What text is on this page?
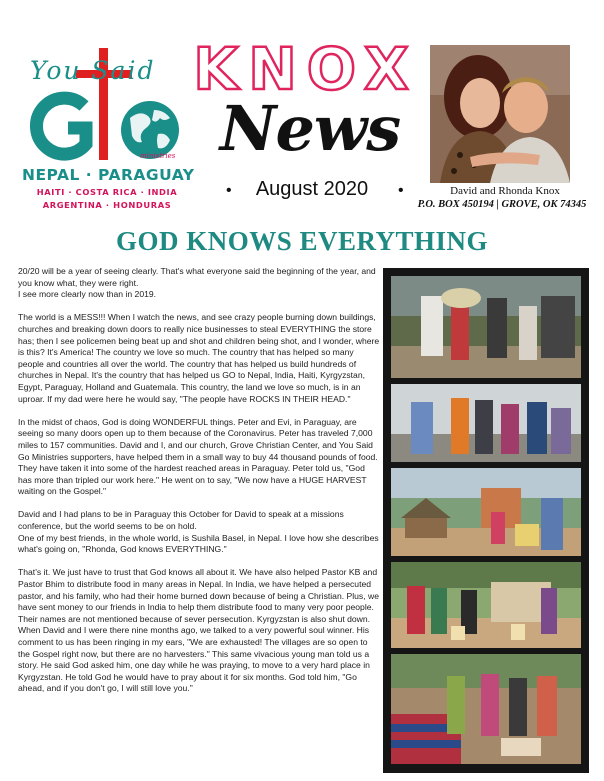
You Said
ministries
NEPAL · PARAGUAY
HAITI · COSTA RICA · INDIA
ARGENTINA · HONDURAS
KNOX
News
•	August 2020	•	David and Rhonda Knox
P.O. BOX 450194 | GROVE, OK 74345
GOD KNOWS EVERYTHING

20/20 will be a year of seeing clearly. That's what everyone said the beginning of the year, and you know what, they were right.
I see more clearly now than in 2019.

The world is a MESS!!! When I watch the news, and see crazy people burning down buildings, churches and breaking down doors to really nice businesses to steal EVERYTHING the store has; then I see policemen being beat up and shot and children being shot, and I wonder, where is this? It's America! The country we love so much. The country that has helped so many people and countries all over the world. The country that has helped us build hundreds of churches in Nepal. It's the country that has helped us GO to Nepal, India, Haiti, Kyrgyzstan, Egypt, Paraguay, Holland and Guatemala. This country, the land we love so much, is in an uproar. If my dad were here he would say, "The people have ROCKS IN THEIR HEAD."

In the midst of chaos, God is doing WONDERFUL things. Peter and Evi, in Paraguay, are seeing so many doors open up to them because of the Coronavirus. Peter has traveled 7,000 miles to 157 communities. David and I, and our church, Grove Christian Center, and You Said Go Ministries supporters, have helped them in a small way to buy 44 thousand pounds of food. They have taken it into some of the hardest reached areas in Paraguay. Peter told us, "God has more than tripled our work here." He went on to say, "We now have a HUGE HARVEST waiting on the Gospel."

David and I had plans to be in Paraguay this October for David to speak at a missions conference, but the world seems to be on hold.
One of my best friends, in the whole world, is Sushila Basel, in Nepal. I love how she describes what's going on, "Rhonda, God knows EVERYTHING."

That's it. We just have to trust that God knows all about it. We have also helped Pastor KB and Pastor Bhim to distribute food in many areas in Nepal. In India, we have helped a persecuted pastor, and his family, who had their home burned down because of being a Christian. Plus, we have sent money to our friends in India to help them distribute food to many very poor people. Their names are not mentioned because of sever persecution. Kyrgyzstan is also shut down. When David and I were there nine months ago, we talked to a very powerful soul winner. His comment to us has been ringing in my ears, "We are exhausted! The villages are so open to the Gospel right now, but there are no harvesters." This same vivacious young man told us a story. He said God asked him, one day while he was praying, to move to a very hard place in Kyrgyzstan. He told God he would have to pray about it for six months. God told him, "Go ahead, and if you don't go, I will still love you."
